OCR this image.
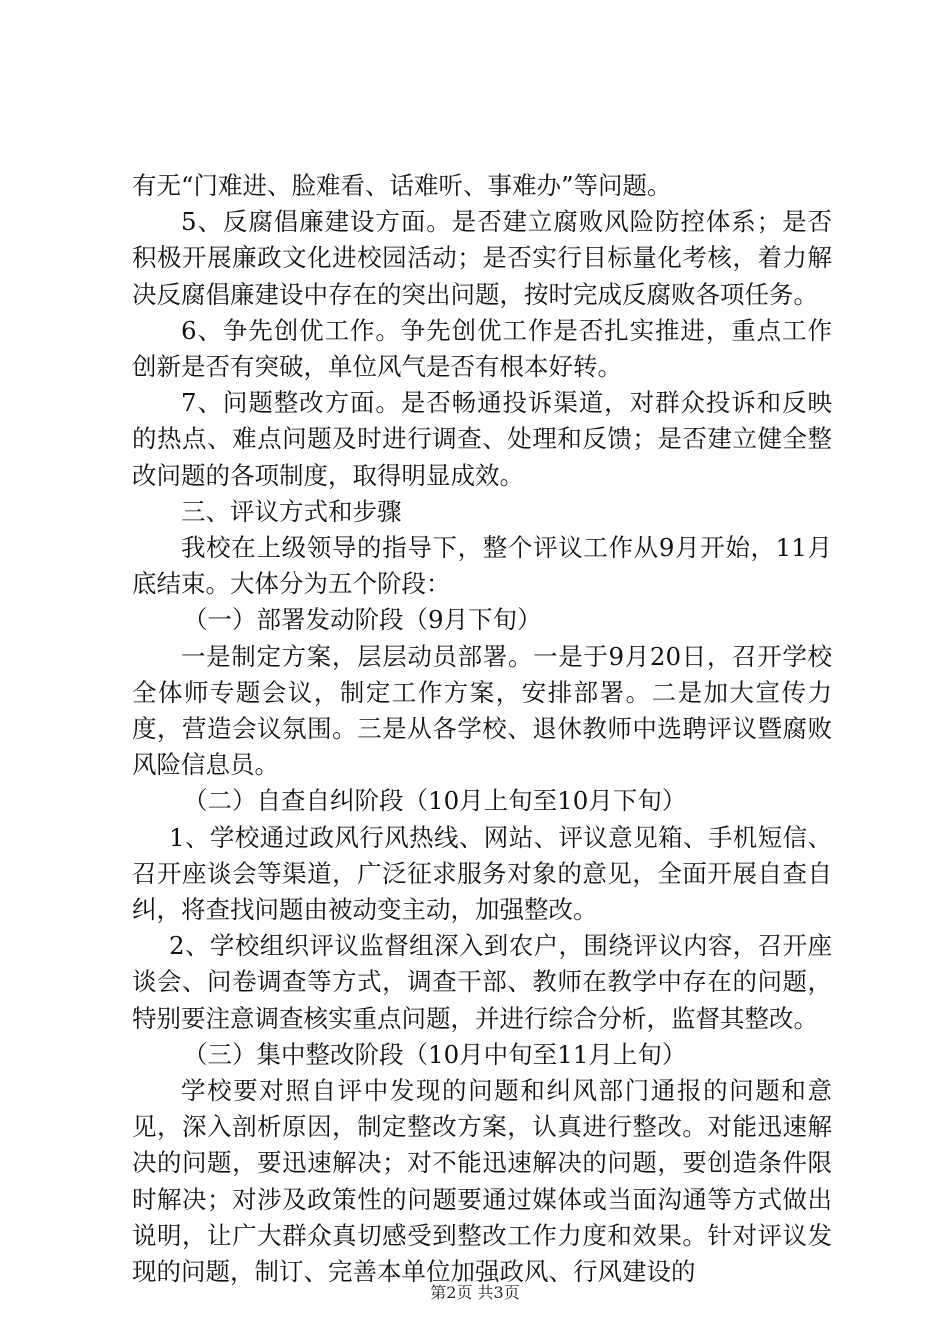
有无“门难进、脸难看、话难听、事难办”等问题。

5、反腐倡廉建设方面。是否建立腐败风险防控体系；是否积极开展廉政文化进校园活动；是否实行目标量化考核，着力解决反腐倡廉建设中存在的突出问题，按时完成反腐败各项任务。

6、争先创优工作。争先创优工作是否扎实推进，重点工作创新是否有突破，单位风气是否有根本好转。

7、问题整改方面。是否畅通投诉渠道，对群众投诉和反映的热点、难点问题及时进行调查、处理和反馈；是否建立健全整改问题的各项制度，取得明显成效。

三、评议方式和步骤

我校在上级领导的指导下，整个评议工作从9月开始，11月底结束。大体分为五个阶段：

（一）部署发动阶段（9月下旬）

一是制定方案，层层动员部署。一是于9月20日，召开学校全体师专题会议，制定工作方案，安排部署。二是加大宣传力度，营造会议氛围。三是从各学校、退休教师中选聘评议暨腐败风险信息员。

（二）自查自纠阶段（10月上旬至10月下旬）

1、学校通过政风行风热线、网站、评议意见箱、手机短信、召开座谈会等渠道，广泛征求服务对象的意见，全面开展自查自纠，将查找问题由被动变主动，加强整改。

2、学校组织评议监督组深入到农户，围绕评议内容，召开座谈会、问卷调查等方式，调查干部、教师在教学中存在的问题，特别要注意调查核实重点问题，并进行综合分析，监督其整改。

（三）集中整改阶段（10月中旬至11月上旬）

学校要对照自评中发现的问题和纠风部门通报的问题和意见，深入剖析原因，制定整改方案，认真进行整改。对能迅速解决的问题，要迅速解决；对不能迅速解决的问题，要创造条件限时解决；对涉及政策性的问题要通过媒体或当面沟通等方式做出说明，让广大群众真切感受到整改工作力度和效果。针对评议发现的问题，制订、完善本单位加强政风、行风建设的

第2页 共3页
